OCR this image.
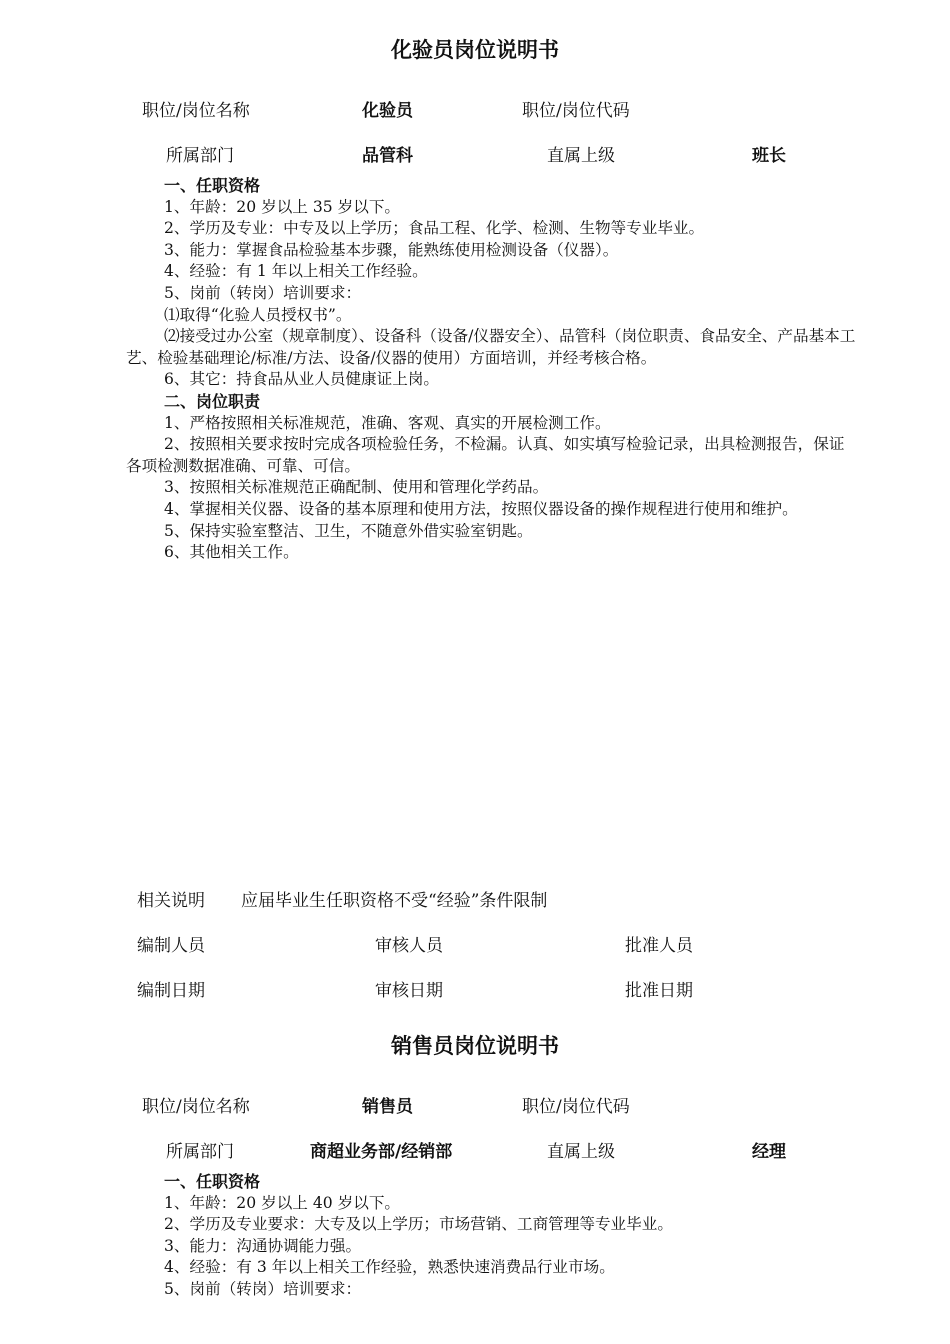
化验员岗位说明书
职位/岗位名称	化验员	职位/岗位代码
所属部门	品管科	直属上级	班长

一、任职资格

1、年龄：20 岁以上 35 岁以下。

2、学历及专业：中专及以上学历；食品工程、化学、检测、生物等专业毕业。

3、能力：掌握食品检验基本步骤，能熟练使用检测设备（仪器）。

4、经验：有 1 年以上相关工作经验。

5、岗前（转岗）培训要求：

⑴取得“化验人员授权书”。

⑵接受过办公室（规章制度）、设备科（设备/仪器安全）、品管科（岗位职责、食品安全、产品基本工艺、检验基础理论/标准/方法、设备/仪器的使用）方面培训，并经考核合格。

6、其它：持食品从业人员健康证上岗。

二、岗位职责

1、严格按照相关标准规范，准确、客观、真实的开展检测工作。

2、按照相关要求按时完成各项检验任务，不检漏。认真、如实填写检验记录，出具检测报告，保证各项检测数据准确、可靠、可信。

3、按照相关标准规范正确配制、使用和管理化学药品。

4、掌握相关仪器、设备的基本原理和使用方法，按照仪器设备的操作规程进行使用和维护。

5、保持实验室整洁、卫生，不随意外借实验室钥匙。

6、其他相关工作。

相关说明 应届毕业生任职资格不受“经验”条件限制
编制人员	审核人员	批准人员
编制日期	审核日期	批准日期
销售员岗位说明书
职位/岗位名称	销售员	职位/岗位代码
所属部门	商超业务部/经销部	直属上级	经理

一、任职资格

1、年龄：20 岁以上 40 岁以下。

2、学历及专业要求：大专及以上学历；市场营销、工商管理等专业毕业。

3、能力：沟通协调能力强。

4、经验：有 3 年以上相关工作经验，熟悉快速消费品行业市场。

5、岗前（转岗）培训要求：
